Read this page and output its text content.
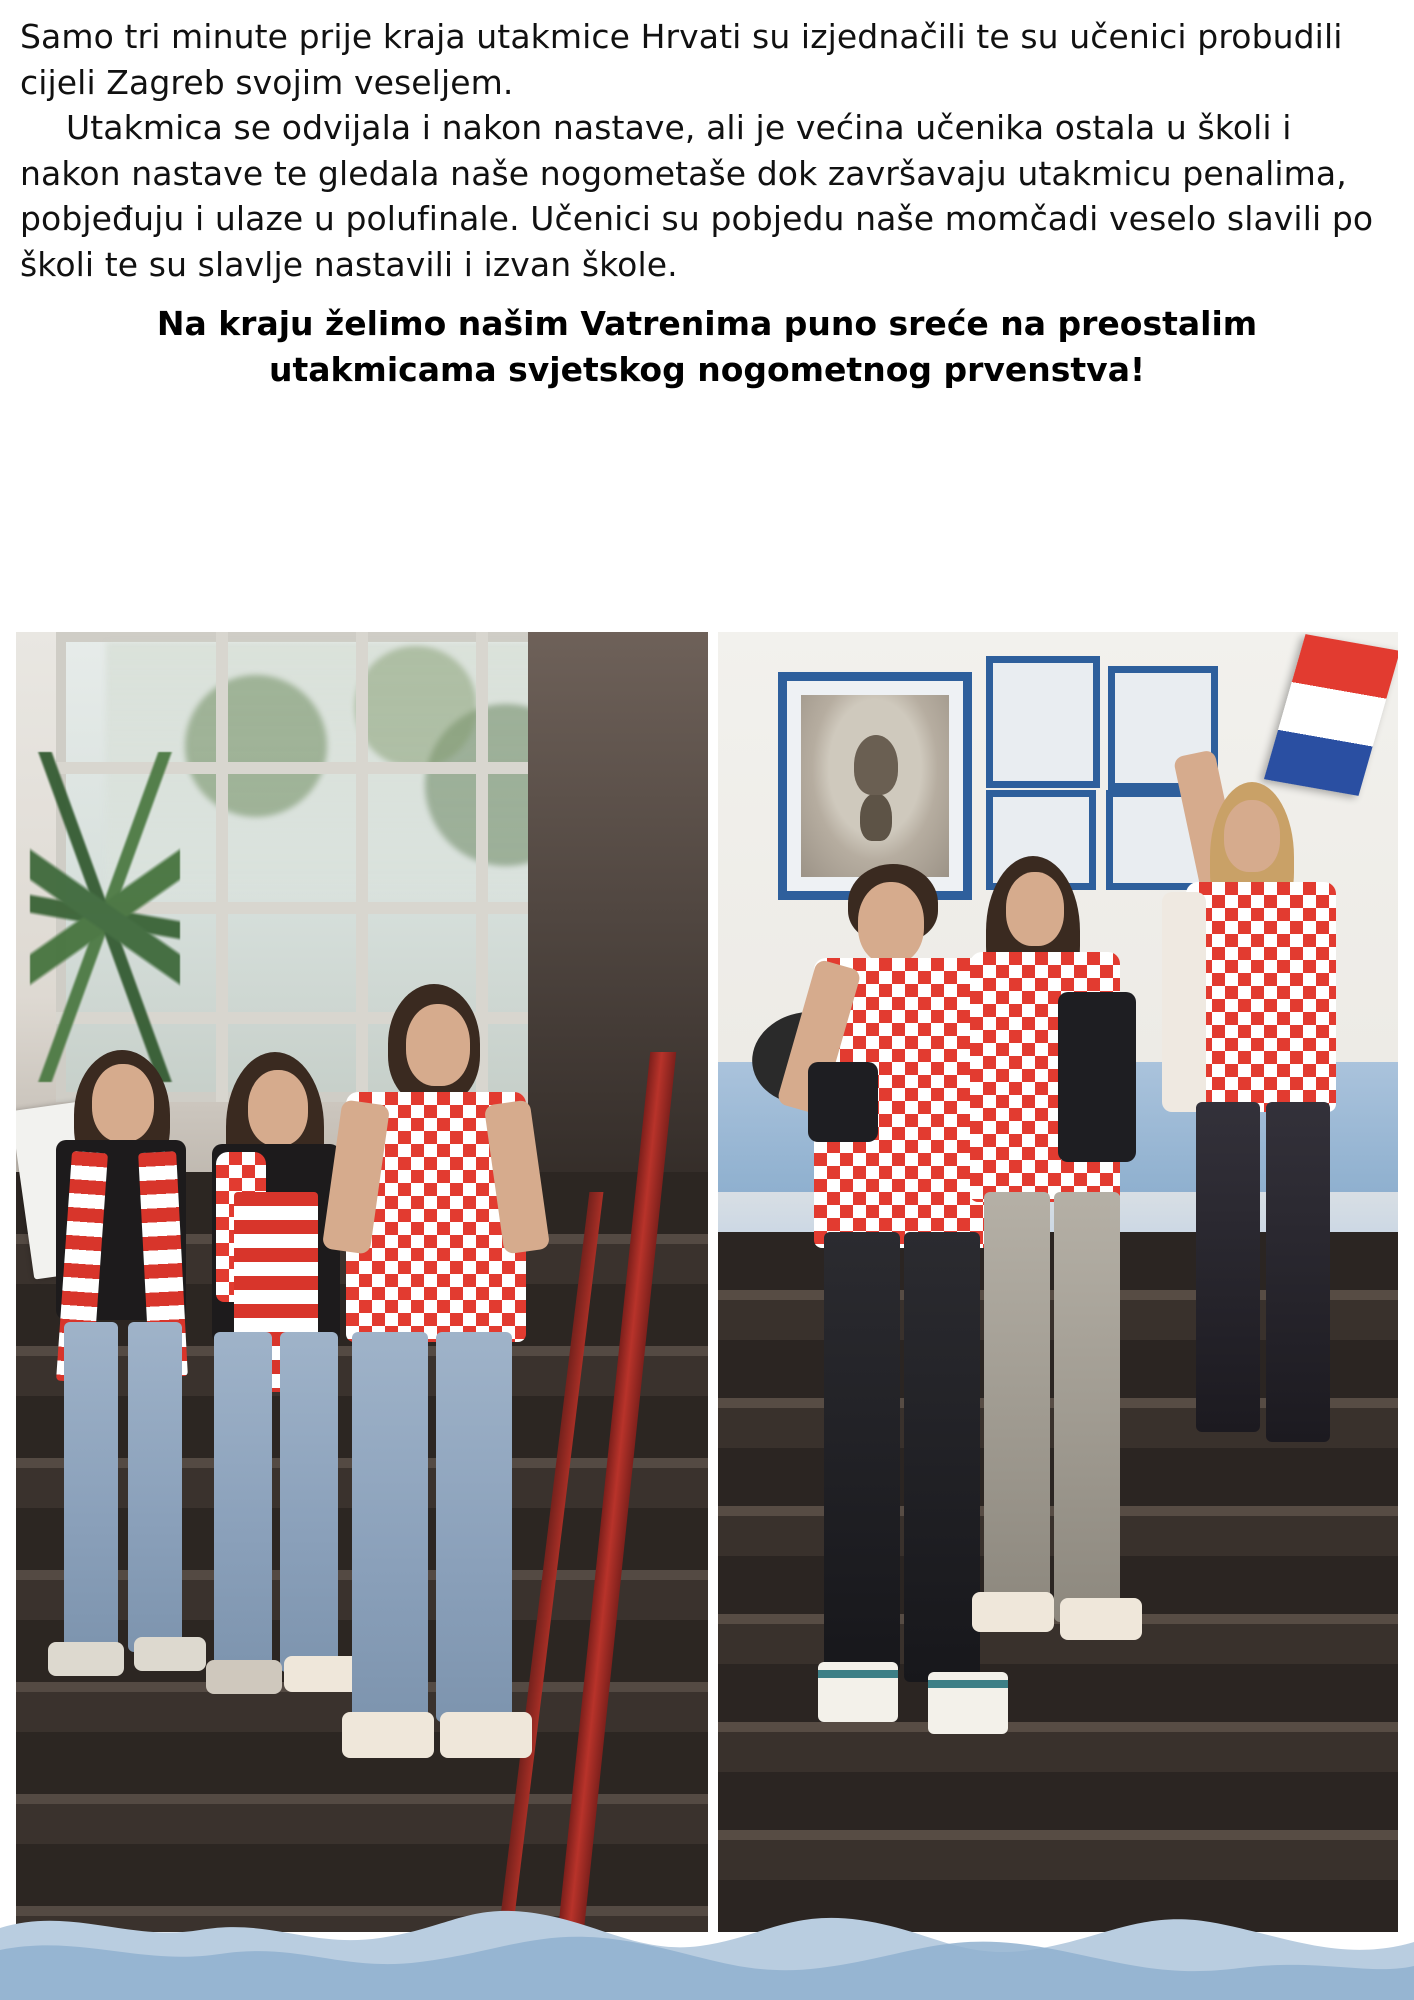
Samo tri minute prije kraja utakmice Hrvati su izjednačili te su učenici probudili cijeli Zagreb svojim veseljem.

Utakmica se odvijala i nakon nastave, ali je većina učenika ostala u školi i nakon nastave te gledala naše nogometaše dok završavaju utakmicu penalima, pobjeđuju i ulaze u polufinale. Učenici su pobjedu naše momčadi veselo slavili po školi te su slavlje nastavili i izvan škole.

Na kraju želimo našim Vatrenima puno sreće na preostalim utakmicama svjetskog nogometnog prvenstva!
